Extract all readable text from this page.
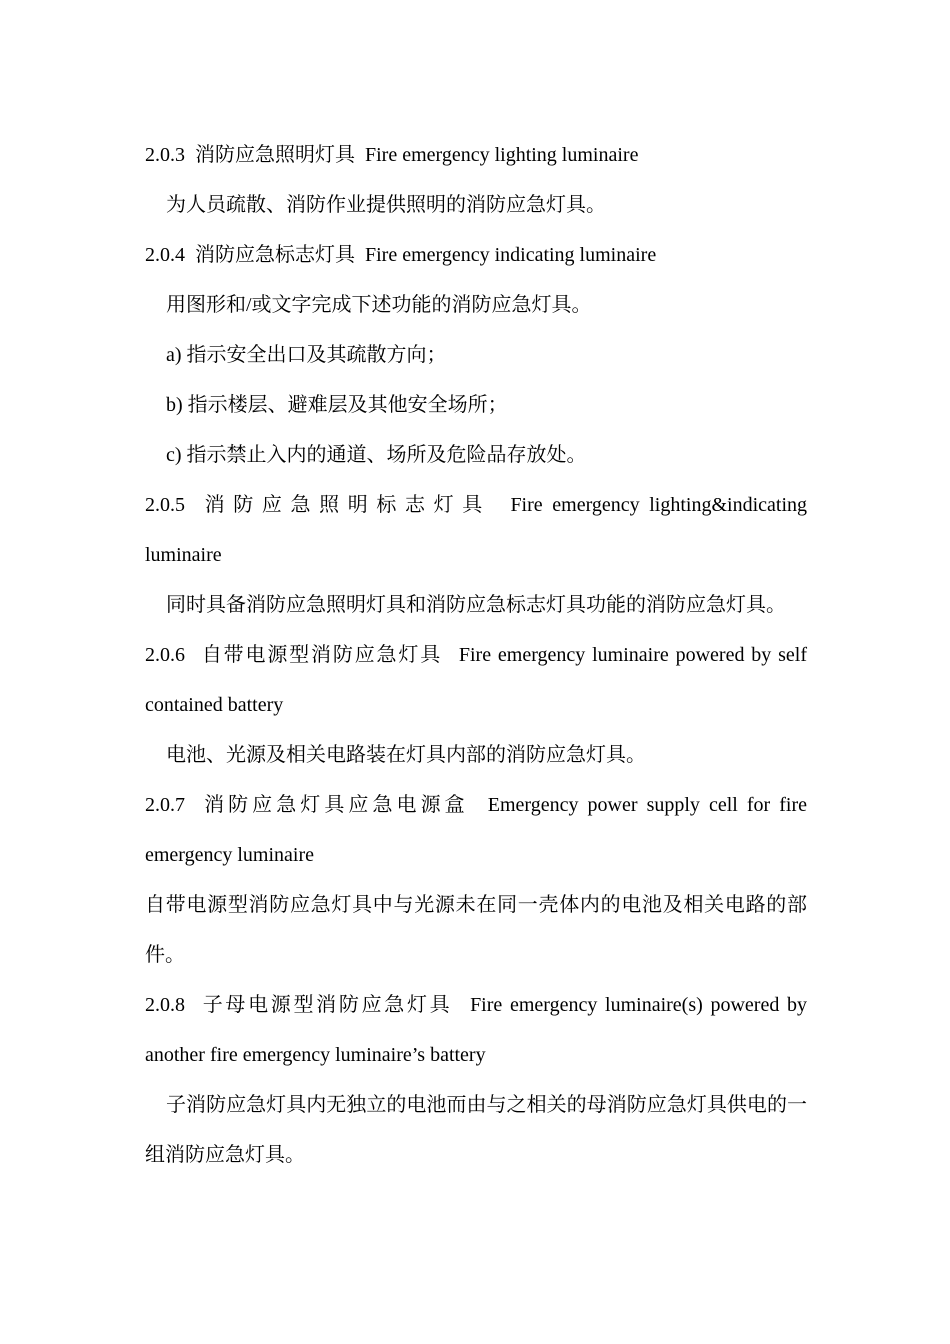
2.0.3 消防应急照明灯具 Fire emergency lighting luminaire

为人员疏散、消防作业提供照明的消防应急灯具。

2.0.4 消防应急标志灯具 Fire emergency indicating luminaire

用图形和/或文字完成下述功能的消防应急灯具。

a) 指示安全出口及其疏散方向；

b) 指示楼层、避难层及其他安全场所；

c) 指示禁止入内的通道、场所及危险品存放处。

2.0.5 消防应急照明标志灯具 Fire emergency lighting&indicating luminaire

同时具备消防应急照明灯具和消防应急标志灯具功能的消防应急灯具。

2.0.6 自带电源型消防应急灯具 Fire emergency luminaire powered by self contained battery

电池、光源及相关电路装在灯具内部的消防应急灯具。

2.0.7 消防应急灯具应急电源盒 Emergency power supply cell for fire emergency luminaire

自带电源型消防应急灯具中与光源未在同一壳体内的电池及相关电路的部件。

2.0.8 子母电源型消防应急灯具 Fire emergency luminaire(s) powered by another fire emergency luminaire’s battery

子消防应急灯具内无独立的电池而由与之相关的母消防应急灯具供电的一组消防应急灯具。
